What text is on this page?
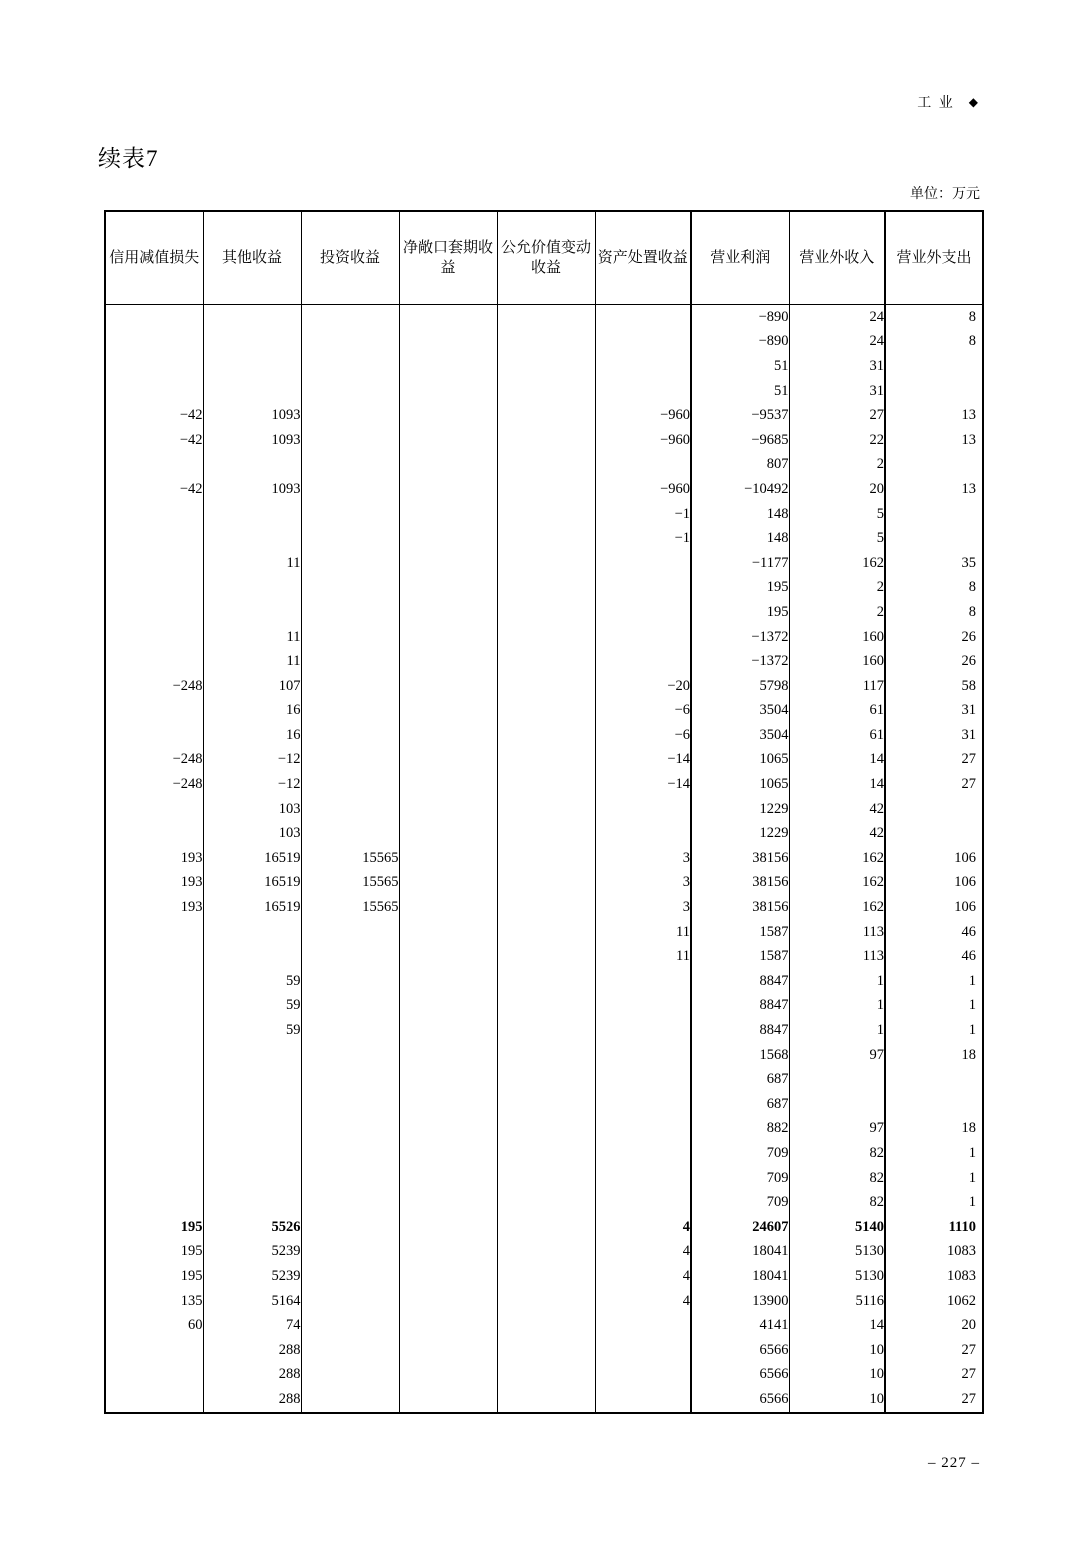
工 业 ◆
续表7
单位：万元
信用减值损失	其他收益	投资收益	净敞口套期收益	公允价值变动收益	资产处置收益	营业利润	营业外收入	营业外支出
						−890	24	8
						−890	24	8
						51	31	
						51	31	
−42	1093				−960	−9537	27	13
−42	1093				−960	−9685	22	13
						807	2	
−42	1093				−960	−10492	20	13
					−1	148	5	
					−1	148	5	
	11					−1177	162	35
						195	2	8
						195	2	8
	11					−1372	160	26
	11					−1372	160	26
−248	107				−20	5798	117	58
	16				−6	3504	61	31
	16				−6	3504	61	31
−248	−12				−14	1065	14	27
−248	−12				−14	1065	14	27
	103					1229	42	
	103					1229	42	
193	16519	15565			3	38156	162	106
193	16519	15565			3	38156	162	106
193	16519	15565			3	38156	162	106
					11	1587	113	46
					11	1587	113	46
	59					8847	1	1
	59					8847	1	1
	59					8847	1	1
						1568	97	18
						687		
						687		
						882	97	18
						709	82	1
						709	82	1
						709	82	1
195	5526				4	24607	5140	1110
195	5239				4	18041	5130	1083
195	5239				4	18041	5130	1083
135	5164				4	13900	5116	1062
60	74					4141	14	20
	288					6566	10	27
	288					6566	10	27
	288					6566	10	27
– 227 –
